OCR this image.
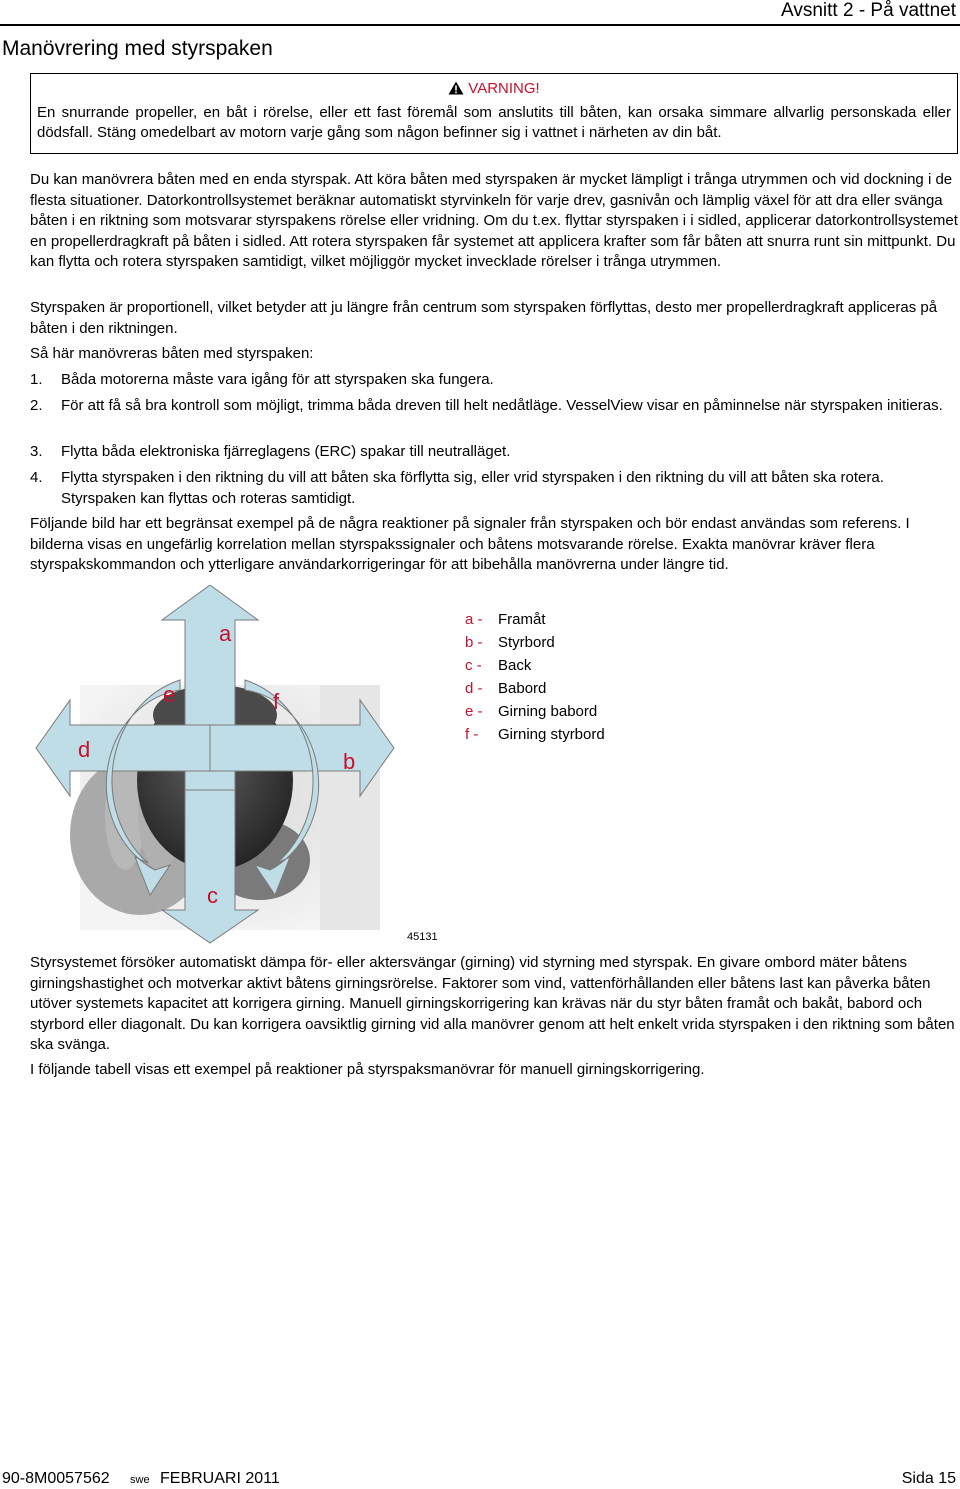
Avsnitt 2 - På vattnet
Manövrering med styrspaken
VARNING!
En snurrande propeller, en båt i rörelse, eller ett fast föremål som anslutits till båten, kan orsaka simmare allvarlig personskada eller dödsfall. Stäng omedelbart av motorn varje gång som någon befinner sig i vattnet i närheten av din båt.

Du kan manövrera båten med en enda styrspak. Att köra båten med styrspaken är mycket lämpligt i trånga utrymmen och vid dockning i de flesta situationer. Datorkontrollsystemet beräknar automatiskt styrvinkeln för varje drev, gasnivån och lämplig växel för att dra eller svänga båten i en riktning som motsvarar styrspakens rörelse eller vridning. Om du t.ex. flyttar styrspaken i i sidled, applicerar datorkontrollsystemet en propellerdragkraft på båten i sidled. Att rotera styrspaken får systemet att applicera krafter som får båten att snurra runt sin mittpunkt. Du kan flytta och rotera styrspaken samtidigt, vilket möjliggör mycket invecklade rörelser i trånga utrymmen.

Styrspaken är proportionell, vilket betyder att ju längre från centrum som styrspaken förflyttas, desto mer propellerdragkraft appliceras på båten i den riktningen.

Så här manövreras båten med styrspaken:

1. Båda motorerna måste vara igång för att styrspaken ska fungera.
2. För att få så bra kontroll som möjligt, trimma båda dreven till helt nedåtläge. VesselView visar en påminnelse när styrspaken initieras.
3. Flytta båda elektroniska fjärreglagens (ERC) spakar till neutralläget.
4. Flytta styrspaken i den riktning du vill att båten ska förflytta sig, eller vrid styrspaken i den riktning du vill att båten ska rotera. Styrspaken kan flyttas och roteras samtidigt.

Följande bild har ett begränsat exempel på de några reaktioner på signaler från styrspaken och bör endast användas som referens. I bilderna visas en ungefärlig korrelation mellan styrspakssignaler och båtens motsvarande rörelse. Exakta manövrar kräver flera styrspakskommandon och ytterligare användarkorrigeringar för att bibehålla manövrerna under längre tid.

a
e	f
d	b
c
45131
a - Framåt
b - Styrbord
c - Back
d - Babord
e - Girning babord
f - Girning styrbord

Styrsystemet försöker automatiskt dämpa för- eller aktersvängar (girning) vid styrning med styrspak. En givare ombord mäter båtens girningshastighet och motverkar aktivt båtens girningsrörelse. Faktorer som vind, vattenförhållanden eller båtens last kan påverka båten utöver systemets kapacitet att korrigera girning. Manuell girningskorrigering kan krävas när du styr båten framåt och bakåt, babord och styrbord eller diagonalt. Du kan korrigera oavsiktlig girning vid alla manövrer genom att helt enkelt vrida styrspaken i den riktning som båten ska svänga.

I följande tabell visas ett exempel på reaktioner på styrspaksmanövrar för manuell girningskorrigering.

90-8M0057562 swe FEBRUARI 2011	Sida 15
